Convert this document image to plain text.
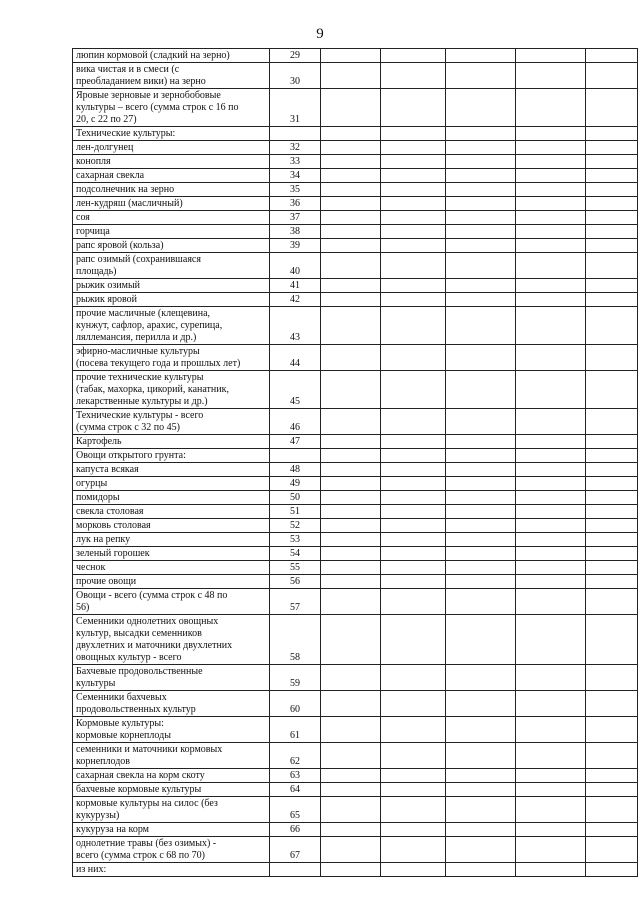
9
люпин кормовой (сладкий на зерно)	29					

вика чистая и в смеси (с
преобладанием вики) на зерно	30					

Яровые зерновые и зернобобовые
культуры – всего (сумма строк с 16 по
20, с 22 по 27)	31					

Технические культуры:						

лен-долгунец	32					

конопля	33					

сахарная свекла	34					

подсолнечник на зерно	35					

лен-кудряш (масличный)	36					

соя	37					

горчица	38					

рапс яровой (кольза)	39					

рапс озимый (сохранившаяся
площадь)	40					

рыжик озимый	41					

рыжик яровой	42					

прочие масличные (клещевина,
кунжут, сафлор, арахис, сурепица,
ляллемансия, перилла и др.)	43					

эфирно-масличные культуры
(посева текущего года и прошлых лет)	44					

прочие технические культуры
(табак, махорка, цикорий, канатник,
лекарственные культуры и др.)	45					

Технические культуры - всего
(сумма строк с 32 по 45)	46					

Картофель	47					

Овощи открытого грунта:						

капуста всякая	48					

огурцы	49					

помидоры	50					

свекла столовая	51					

морковь столовая	52					

лук на репку	53					

зеленый горошек	54					

чеснок	55					

прочие овощи	56					

Овощи - всего (сумма строк с 48 по
56)	57					

Семенники однолетних овощных
культур, высадки семенников
двухлетних и маточники двухлетних
овощных культур - всего	58					

Бахчевые продовольственные
культуры	59					

Семенники бахчевых
продовольственных культур	60					

Кормовые культуры:
кормовые корнеплоды	61					

семенники и маточники кормовых
корнеплодов	62					

сахарная свекла на корм скоту	63					

бахчевые кормовые культуры	64					

кормовые культуры на силос (без
кукурузы)	65					

кукуруза на корм	66					

однолетние травы (без озимых) -
всего (сумма строк с 68 по 70)	67					

из них:						
